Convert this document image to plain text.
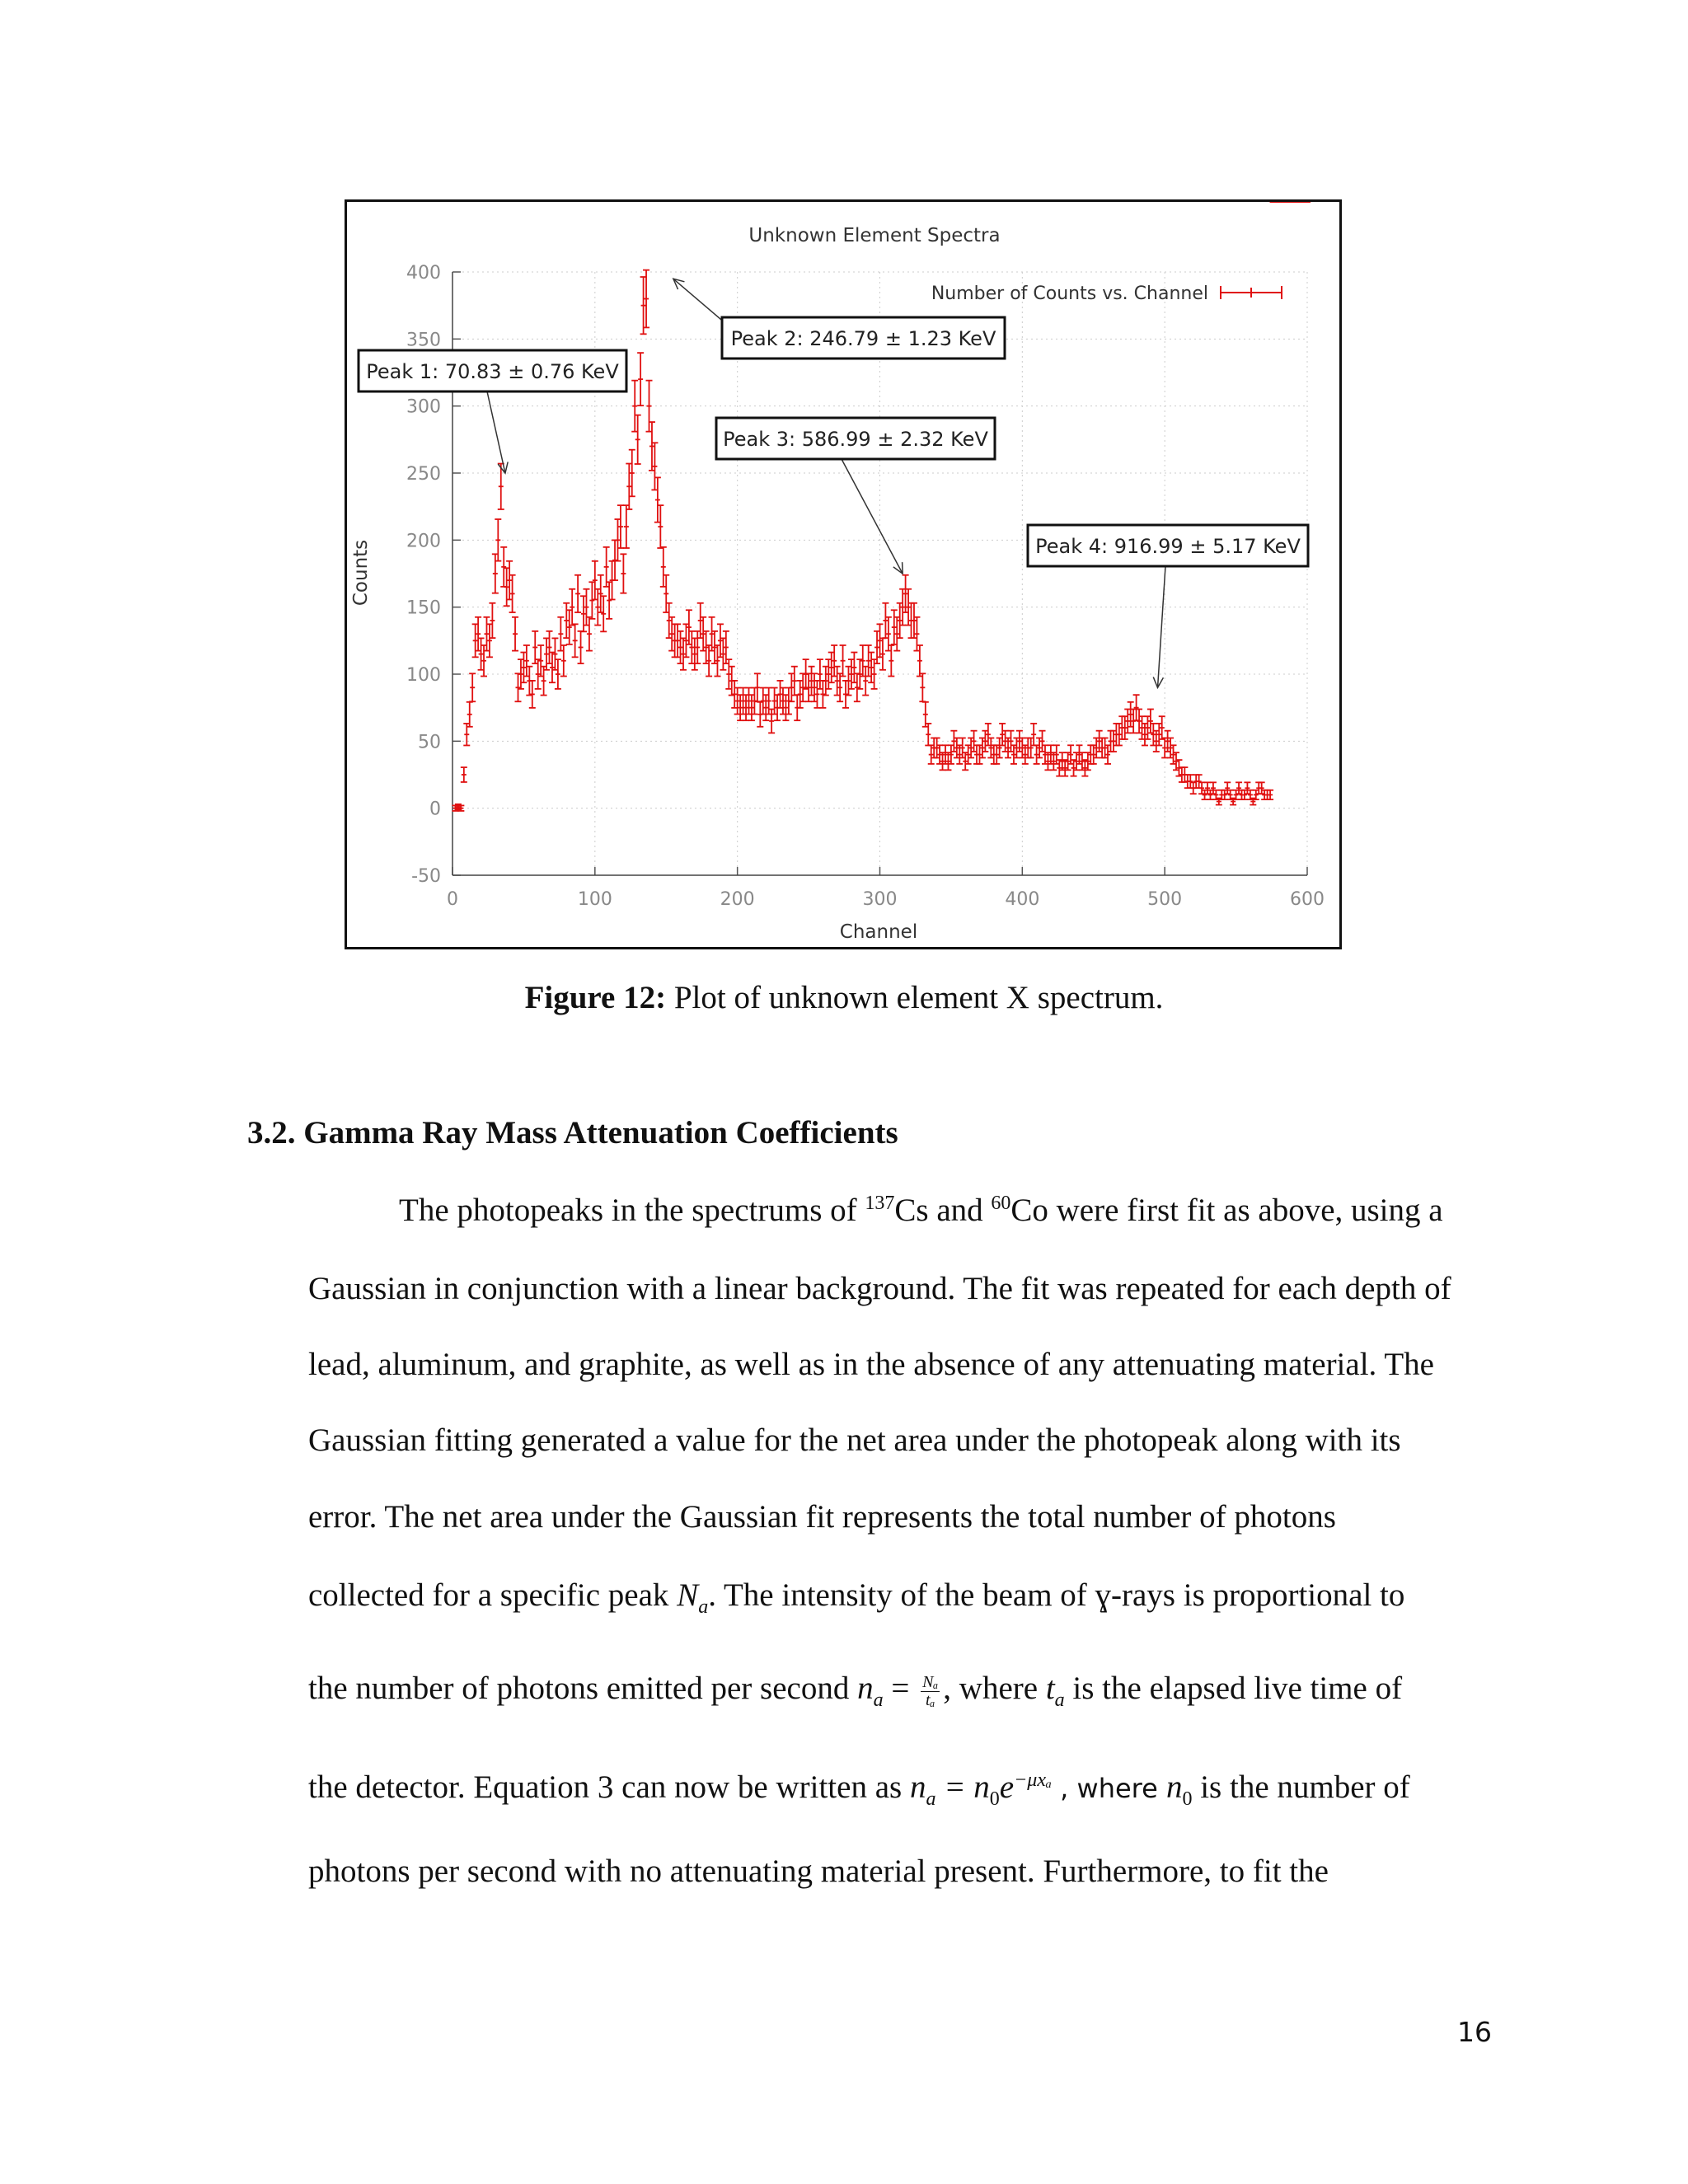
-50
0
50
100
150
200
250
300
350
400
0	100	200	300	400	500	600
Peak 1: 70.83 ± 0.76 KeV
Peak 2: 246.79 ± 1.23 KeV
Peak 3: 586.99 ± 2.32 KeV
Peak 4: 916.99 ± 5.17 KeV
Unknown Element Spectra
Channel
Counts
Number of Counts vs. Channel
Figure 12: Plot of unknown element X spectrum.
3.2. Gamma Ray Mass Attenuation Coefficients
The photopeaks in the spectrums of $^{137}$Cs and $^{60}$Co were first fit as above, using a
Gaussian in conjunction with a linear background. The fit was repeated for each depth of
lead, aluminum, and graphite, as well as in the absence of any attenuating material. The
Gaussian fitting generated a value for the net area under the photopeak along with its
error. The net area under the Gaussian fit represents the total number of photons
collected for a specific peak $N_a$. The intensity of the beam of ɣ-rays is proportional to
the number of photons emitted per second $n_a = \frac{\text{Nₐ}}{\text{tₐ}}$ , where $t_a$ is the elapsed live time of
the detector. Equation 3 can now be written as $n_a = n_0e^{-\mu x_a}$ , where $n_0$ is the number of
photons per second with no attenuating material present. Furthermore, to fit the
16
